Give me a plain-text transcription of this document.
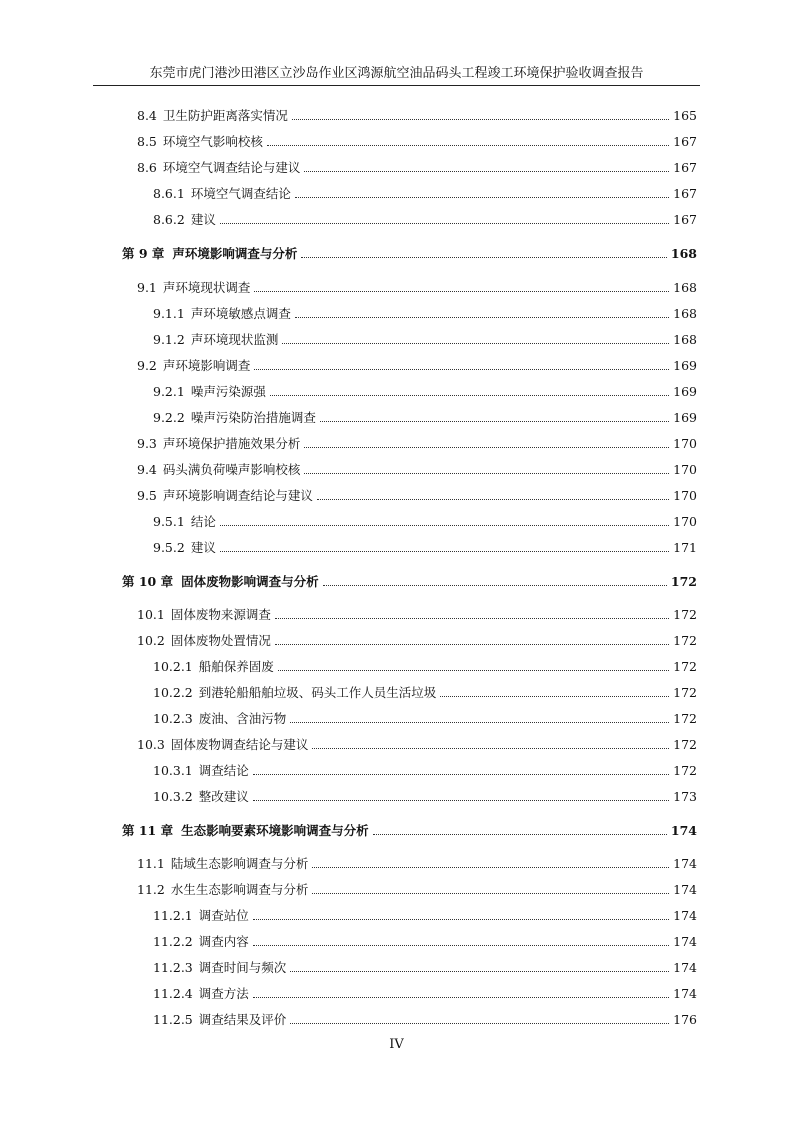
东莞市虎门港沙田港区立沙岛作业区鸿源航空油品码头工程竣工环境保护验收调查报告
8.4 卫生防护距离落实情况	165
8.5 环境空气影响校核	167
8.6 环境空气调查结论与建议	167
8.6.1 环境空气调查结论	167
8.6.2 建议	167
第 9 章 声环境影响调查与分析	168
9.1 声环境现状调查	168
9.1.1 声环境敏感点调查	168
9.1.2 声环境现状监测	168
9.2 声环境影响调查	169
9.2.1 噪声污染源强	169
9.2.2 噪声污染防治措施调查	169
9.3 声环境保护措施效果分析	170
9.4 码头满负荷噪声影响校核	170
9.5 声环境影响调查结论与建议	170
9.5.1 结论	170
9.5.2 建议	171
第 10 章 固体废物影响调查与分析	172
10.1 固体废物来源调查	172
10.2 固体废物处置情况	172
10.2.1 船舶保养固废	172
10.2.2 到港轮船船舶垃圾、码头工作人员生活垃圾	172
10.2.3 废油、含油污物	172
10.3 固体废物调查结论与建议	172
10.3.1 调查结论	172
10.3.2 整改建议	173
第 11 章 生态影响要素环境影响调查与分析	174
11.1 陆域生态影响调查与分析	174
11.2 水生生态影响调查与分析	174
11.2.1 调查站位	174
11.2.2 调查内容	174
11.2.3 调查时间与频次	174
11.2.4 调查方法	174
11.2.5 调查结果及评价	176
IV
